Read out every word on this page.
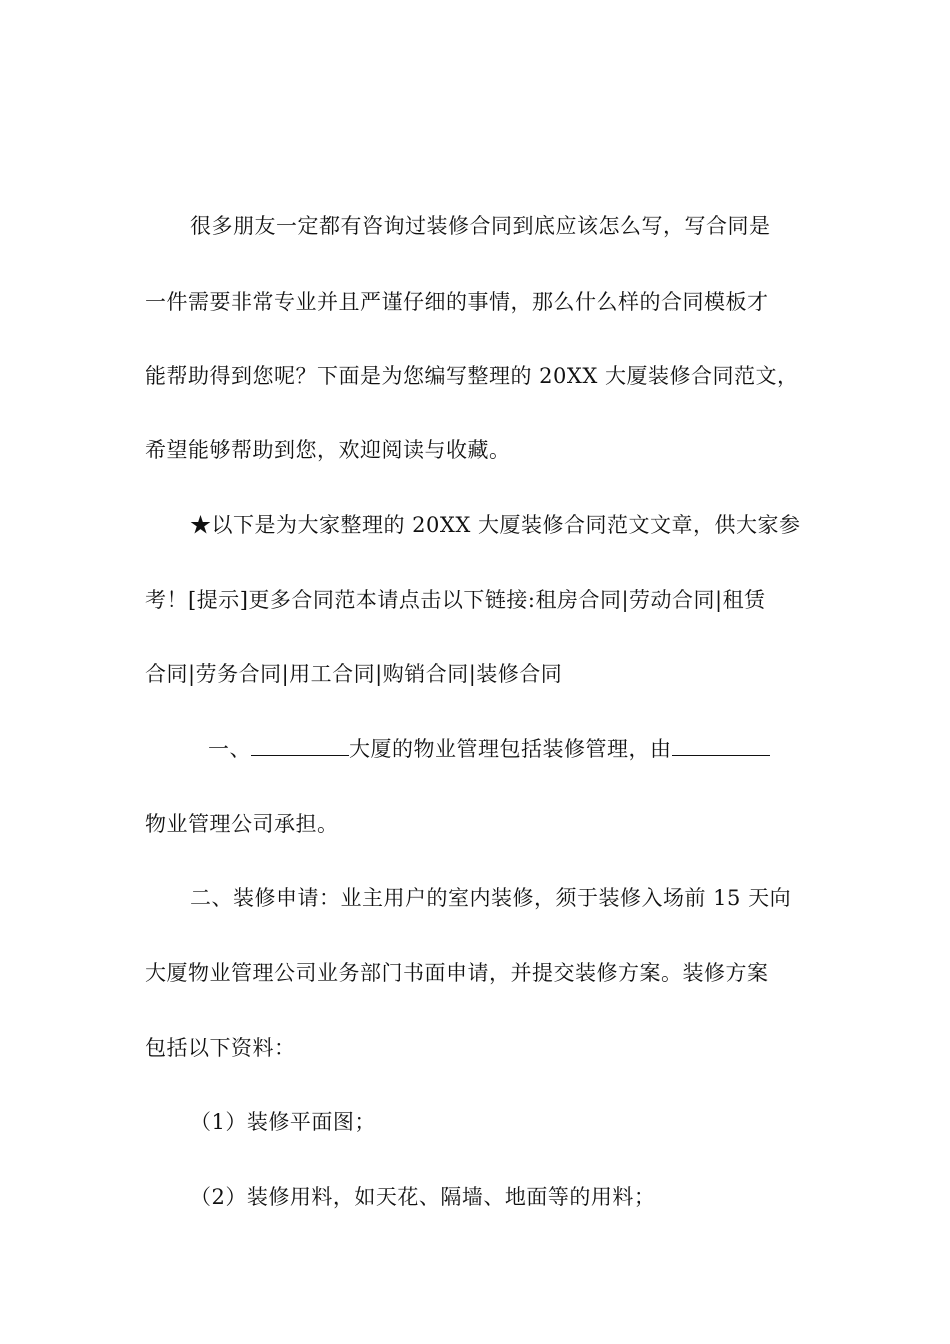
很多朋友一定都有咨询过装修合同到底应该怎么写，写合同是
一件需要非常专业并且严谨仔细的事情，那么什么样的合同模板才
能帮助得到您呢？下面是为您编写整理的 20XX 大厦装修合同范文，
希望能够帮助到您，欢迎阅读与收藏。
★以下是为大家整理的 20XX 大厦装修合同范文文章，供大家参
考！[提示]更多合同范本请点击以下链接:租房合同|劳动合同|租赁
合同|劳务合同|用工合同|购销合同|装修合同
一、	大厦的物业管理包括装修管理，由
物业管理公司承担。
二、装修申请：业主用户的室内装修，须于装修入场前 15 天向
大厦物业管理公司业务部门书面申请，并提交装修方案。装修方案
包括以下资料：
（1）装修平面图；
（2）装修用料，如天花、隔墙、地面等的用料；
